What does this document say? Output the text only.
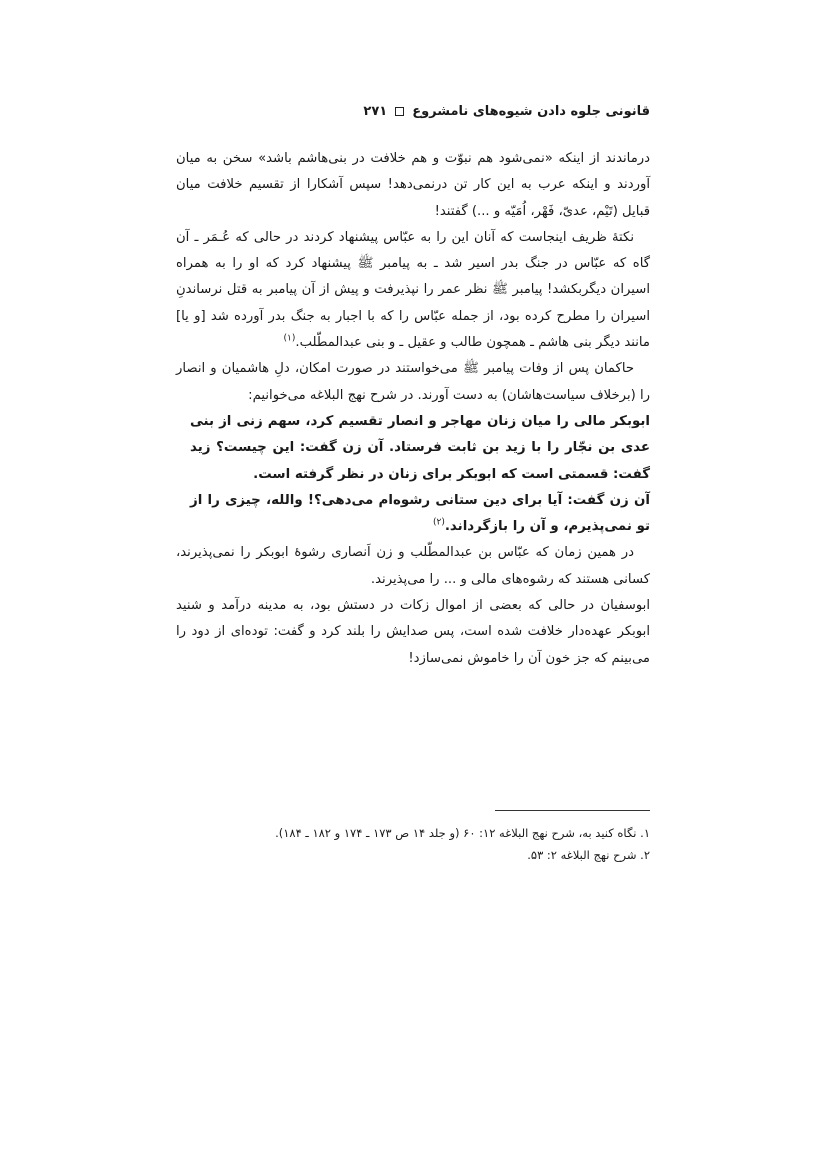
قانونی جلوه دادن شیوه‌های نامشروع
۲۷۱

درماندند از اینکه «نمی‌شود هم نبوّت و هم خلافت در بنی‌هاشم باشد» سخن به میان آوردند و اینکه عرب به این کار تن درنمی‌دهد! سپس آشکارا از تقسیم خلافت میان قبایل (تَیْم، عدیّ، فَهْر، اُمَیّه و ...) گفتند!

نکتهٔ ظریف اینجاست که آنان این را به عبّاس پیشنهاد کردند در حالی که عُـمَر ـ آن گاه که عبّاس در جنگ بدر اسیر شد ـ به پیامبر ﷺ پیشنهاد کرد که او را به همراه اسیران دیگربکشد! پیامبر ﷺ نظر عمر را نپذیرفت و پیش از آن پیامبر به قتل نرساندنِ اسیران را مطرح کرده بود، از جمله عبّاس را که با اجبار به جنگ بدر آورده شد [و یا] مانند دیگر بنی هاشم ـ همچون طالب و عقیل ـ و بنی عبدالمطّلب.$^{(۱)}$

حاکمان پس از وفات پیامبر ﷺ می‌خواستند در صورت امکان، دلِ هاشمیان و انصار را (برخلاف سیاست‌هاشان) به دست آورند. در شرح نهج البلاغه می‌خوانیم:

ابوبکر مالی را میان زنان مهاجر و انصار تقسیم کرد، سهم زنی از بنی عدی بن نجّار را با زید بن ثابت فرستاد. آن زن گفت: این چیست؟ زید گفت: قسمتی است که ابوبکر برای زنان در نظر گرفته است.

آن زن گفت: آیا برای دین ستانی رشوه‌ام می‌دهی؟! والله، چیزی را از تو نمی‌پذیرم، و آن را بازگرداند.$^{(۲)}$

در همین زمان که عبّاس بن عبدالمطّلب و زن اَنصاری رشوهٔ ابوبکر را نمی‌پذیرند، کسانی هستند که رشوه‌های مالی و ... را می‌پذیرند.

ابوسفیان در حالی که بعضی از اموال زکات در دستش بود، به مدینه درآمد و شنید ابوبکر عهده‌دار خلافت شده است، پس صدایش را بلند کرد و گفت: توده‌ای از دود را می‌بینم که جز خون آن را خاموش نمی‌سازد!

۱. نگاه کنید به، شرح نهج البلاغه ۱۲: ۶۰ (و جلد ۱۴ ص ۱۷۳ ـ ۱۷۴ و ۱۸۲ ـ ۱۸۴).

۲. شرح نهج البلاغه ۲: ۵۳.
